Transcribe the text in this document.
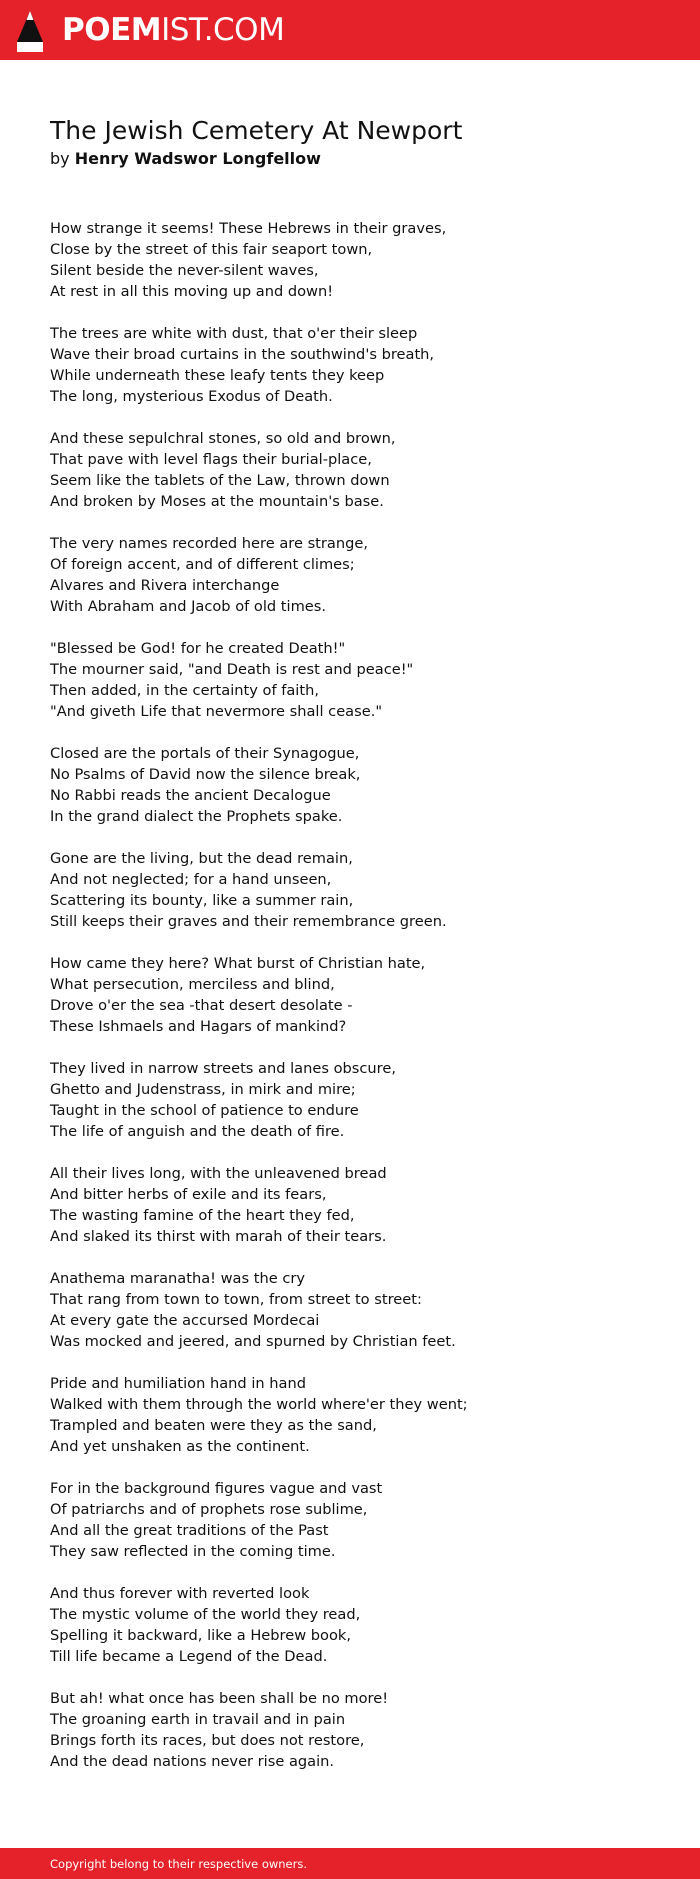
POEMIST.COM
The Jewish Cemetery At Newport
by Henry Wadswor Longfellow
How strange it seems! These Hebrews in their graves,
Close by the street of this fair seaport town,
Silent beside the never-silent waves,
At rest in all this moving up and down!
The trees are white with dust, that o'er their sleep
Wave their broad curtains in the southwind's breath,
While underneath these leafy tents they keep
The long, mysterious Exodus of Death.
And these sepulchral stones, so old and brown,
That pave with level flags their burial-place,
Seem like the tablets of the Law, thrown down
And broken by Moses at the mountain's base.
The very names recorded here are strange,
Of foreign accent, and of different climes;
Alvares and Rivera interchange
With Abraham and Jacob of old times.
"Blessed be God! for he created Death!"
The mourner said, "and Death is rest and peace!"
Then added, in the certainty of faith,
"And giveth Life that nevermore shall cease."
Closed are the portals of their Synagogue,
No Psalms of David now the silence break,
No Rabbi reads the ancient Decalogue
In the grand dialect the Prophets spake.
Gone are the living, but the dead remain,
And not neglected; for a hand unseen,
Scattering its bounty, like a summer rain,
Still keeps their graves and their remembrance green.
How came they here? What burst of Christian hate,
What persecution, merciless and blind,
Drove o'er the sea -that desert desolate -
These Ishmaels and Hagars of mankind?
They lived in narrow streets and lanes obscure,
Ghetto and Judenstrass, in mirk and mire;
Taught in the school of patience to endure
The life of anguish and the death of fire.
All their lives long, with the unleavened bread
And bitter herbs of exile and its fears,
The wasting famine of the heart they fed,
And slaked its thirst with marah of their tears.
Anathema maranatha! was the cry
That rang from town to town, from street to street:
At every gate the accursed Mordecai
Was mocked and jeered, and spurned by Christian feet.
Pride and humiliation hand in hand
Walked with them through the world where'er they went;
Trampled and beaten were they as the sand,
And yet unshaken as the continent.
For in the background figures vague and vast
Of patriarchs and of prophets rose sublime,
And all the great traditions of the Past
They saw reflected in the coming time.
And thus forever with reverted look
The mystic volume of the world they read,
Spelling it backward, like a Hebrew book,
Till life became a Legend of the Dead.
But ah! what once has been shall be no more!
The groaning earth in travail and in pain
Brings forth its races, but does not restore,
And the dead nations never rise again.
Copyright belong to their respective owners.
